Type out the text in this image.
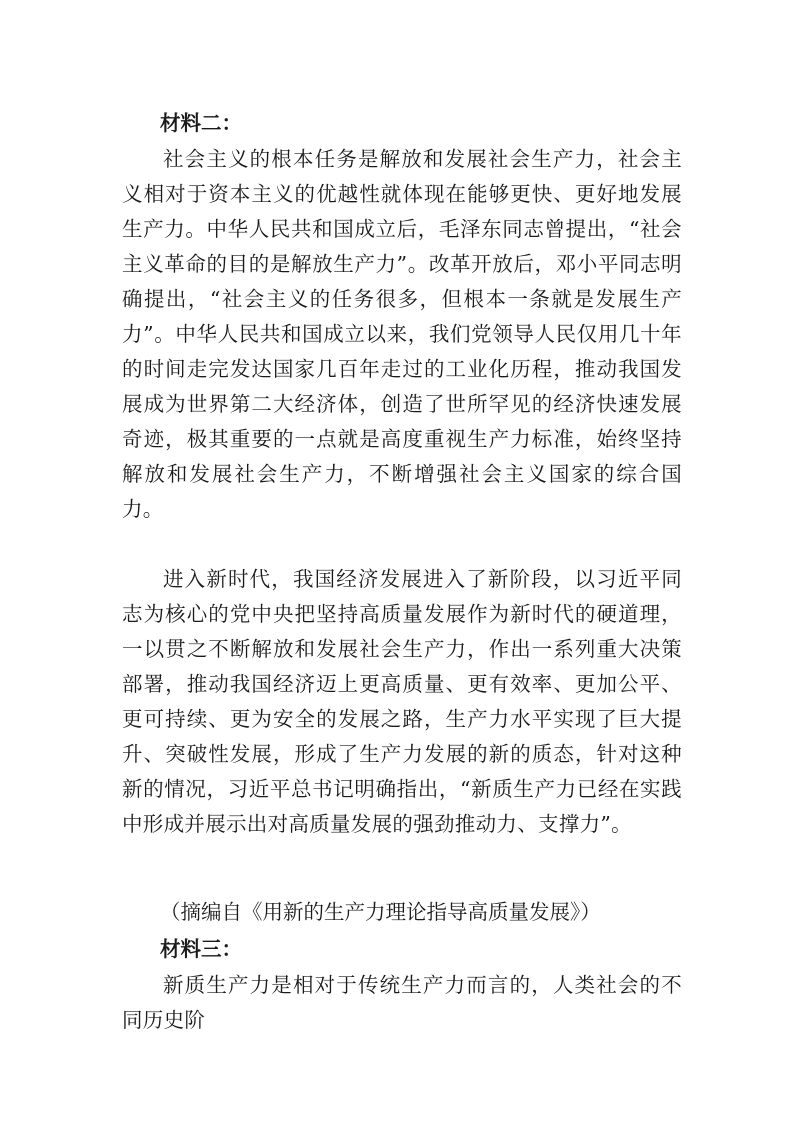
材料二：

社会主义的根本任务是解放和发展社会生产力，社会主义相对于资本主义的优越性就体现在能够更快、更好地发展生产力。中华人民共和国成立后，毛泽东同志曾提出，“社会主义革命的目的是解放生产力”。改革开放后，邓小平同志明确提出，“社会主义的任务很多，但根本一条就是发展生产力”。中华人民共和国成立以来，我们党领导人民仅用几十年的时间走完发达国家几百年走过的工业化历程，推动我国发展成为世界第二大经济体，创造了世所罕见的经济快速发展奇迹，极其重要的一点就是高度重视生产力标准，始终坚持解放和发展社会生产力，不断增强社会主义国家的综合国力。

进入新时代，我国经济发展进入了新阶段，以习近平同志为核心的党中央把坚持高质量发展作为新时代的硬道理，一以贯之不断解放和发展社会生产力，作出一系列重大决策部署，推动我国经济迈上更高质量、更有效率、更加公平、更可持续、更为安全的发展之路，生产力水平实现了巨大提升、突破性发展，形成了生产力发展的新的质态，针对这种新的情况，习近平总书记明确指出，“新质生产力已经在实践中形成并展示出对高质量发展的强劲推动力、支撑力”。

（摘编自《用新的生产力理论指导高质量发展》）
材料三：

新质生产力是相对于传统生产力而言的，人类社会的不同历史阶
